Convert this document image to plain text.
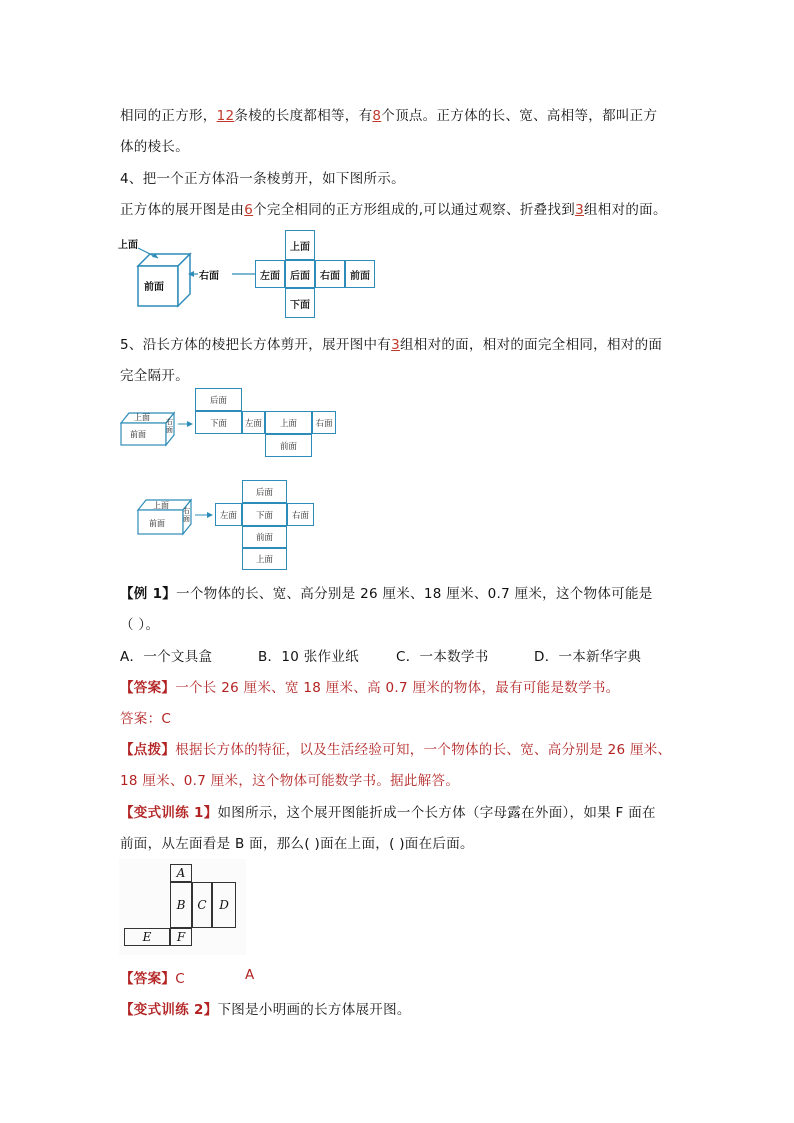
相同的正方形，12条棱的长度都相等，有8个顶点。正方体的长、宽、高相等，都叫正方
体的棱长。
4、把一个正方体沿一条棱剪开，如下图所示。
正方体的展开图是由6个完全相同的正方形组成的,可以通过观察、折叠找到3组相对的面。
上面
前面
右面
上面
后面
下面
左面	右面	前面
5、沿长方体的棱把长方体剪开，展开图中有3组相对的面，相对的面完全相同，相对的面
完全隔开。
上面
前面
右面
后面
下面	左面	上面	右面
前面
上面
前面
右面
后面
左面	下面	右面
前面
上面
【例 1】一个物体的长、宽、高分别是 26 厘米、18 厘米、0.7 厘米，这个物体可能是
（ ）。
A．一个文具盒	B．10 张作业纸	C．一本数学书	D．一本新华字典
【答案】一个长 26 厘米、宽 18 厘米、高 0.7 厘米的物体，最有可能是数学书。
答案：C
【点拨】根据长方体的特征，以及生活经验可知，一个物体的长、宽、高分别是 26 厘米、
18 厘米、0.7 厘米，这个物体可能数学书。据此解答。
【变式训练 1】如图所示，这个展开图能折成一个长方体（字母露在外面），如果 F 面在
前面，从左面看是 B 面，那么( )面在上面，( )面在后面。
A
B	C	D
E	F
【答案】C	A
【变式训练 2】下图是小明画的长方体展开图。
